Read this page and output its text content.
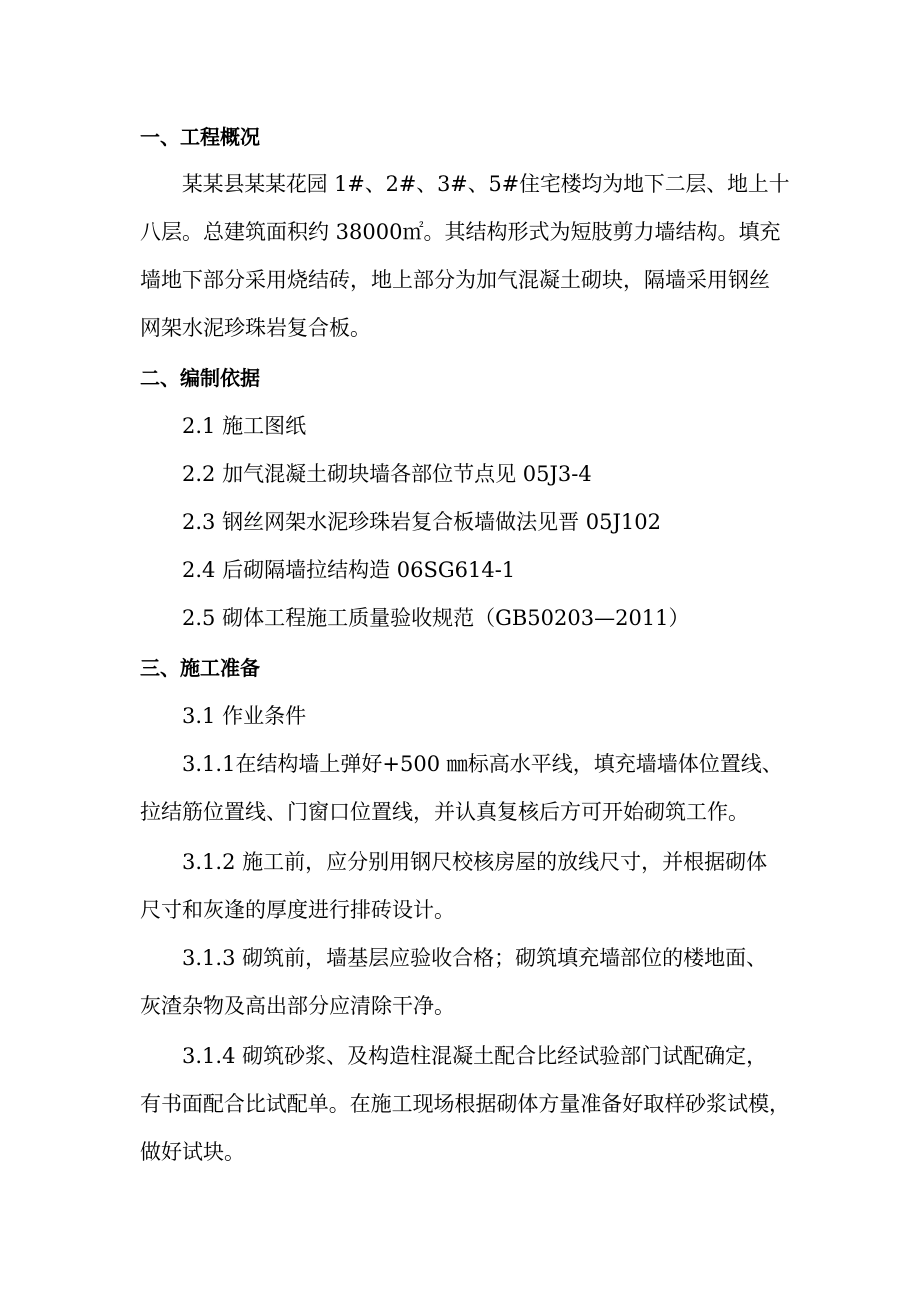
一、工程概况
某某县某某花园 1#、2#、3#、5#住宅楼均为地下二层、地上十
八层。总建筑面积约 38000㎡。其结构形式为短肢剪力墙结构。填充
墙地下部分采用烧结砖，地上部分为加气混凝土砌块，隔墙采用钢丝
网架水泥珍珠岩复合板。
二、编制依据
2.1 施工图纸
2.2 加气混凝土砌块墙各部位节点见 05J3-4
2.3 钢丝网架水泥珍珠岩复合板墙做法见晋 05J102
2.4 后砌隔墙拉结构造 06SG614-1
2.5 砌体工程施工质量验收规范（GB50203—2011）
三、施工准备
3.1 作业条件
3.1.1在结构墙上弹好+500 ㎜标高水平线，填充墙墙体位置线、
拉结筋位置线、门窗口位置线，并认真复核后方可开始砌筑工作。
3.1.2 施工前，应分别用钢尺校核房屋的放线尺寸，并根据砌体
尺寸和灰逢的厚度进行排砖设计。
3.1.3 砌筑前，墙基层应验收合格；砌筑填充墙部位的楼地面、
灰渣杂物及高出部分应清除干净。
3.1.4 砌筑砂浆、及构造柱混凝土配合比经试验部门试配确定，
有书面配合比试配单。在施工现场根据砌体方量准备好取样砂浆试模，
做好试块。
